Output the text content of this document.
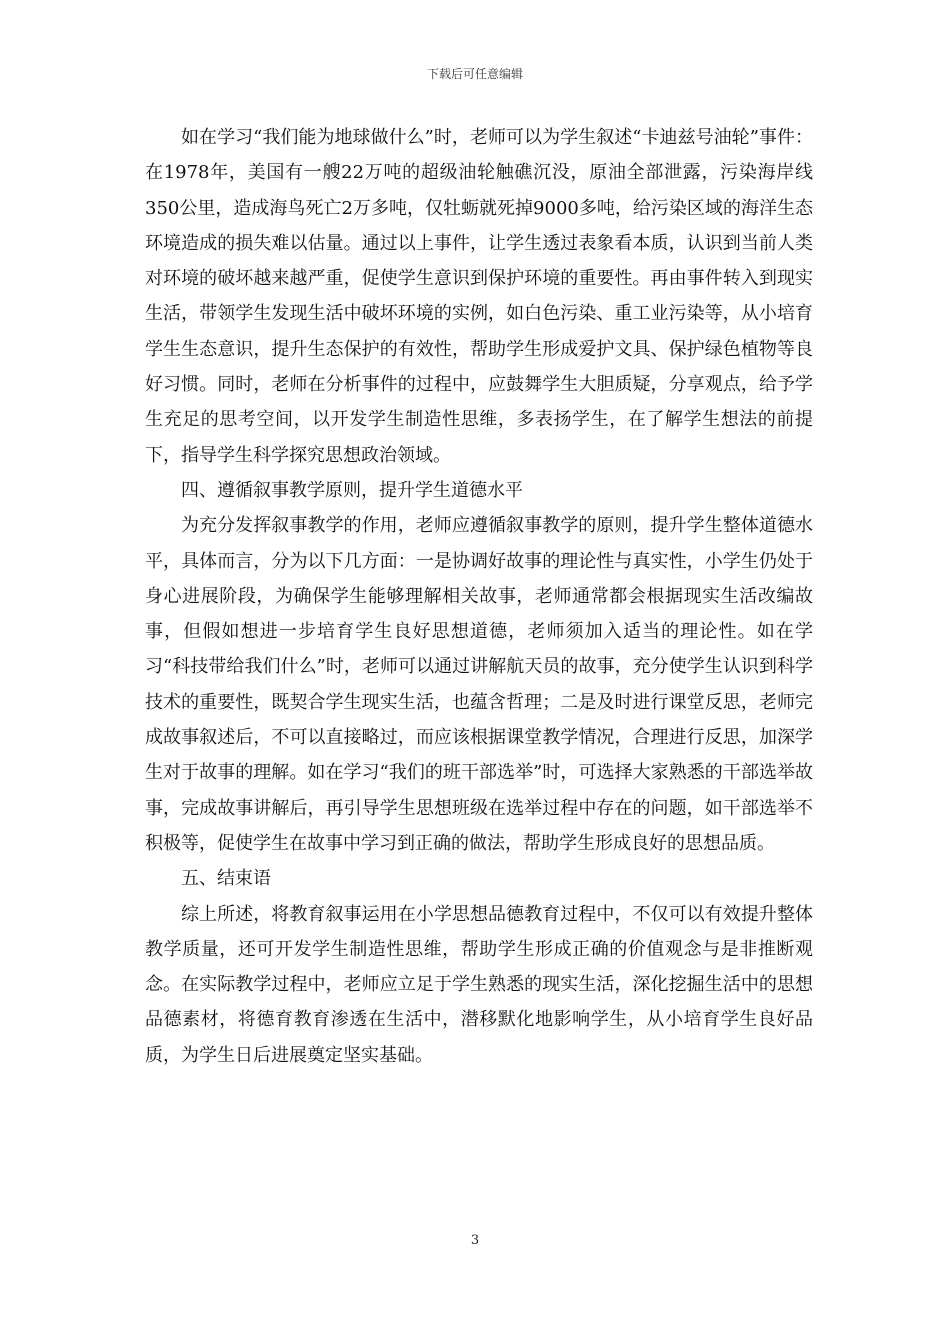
下载后可任意编辑

如在学习“我们能为地球做什么”时，老师可以为学生叙述“卡迪兹号油轮”事件：在1978年，美国有一艘22万吨的超级油轮触礁沉没，原油全部泄露，污染海岸线350公里，造成海鸟死亡2万多吨，仅牡蛎就死掉9000多吨，给污染区域的海洋生态环境造成的损失难以估量。通过以上事件，让学生透过表象看本质，认识到当前人类对环境的破坏越来越严重，促使学生意识到保护环境的重要性。再由事件转入到现实生活，带领学生发现生活中破坏环境的实例，如白色污染、重工业污染等，从小培育学生生态意识，提升生态保护的有效性，帮助学生形成爱护文具、保护绿色植物等良好习惯。同时，老师在分析事件的过程中，应鼓舞学生大胆质疑，分享观点，给予学生充足的思考空间，以开发学生制造性思维，多表扬学生，在了解学生想法的前提下，指导学生科学探究思想政治领域。

四、遵循叙事教学原则，提升学生道德水平

为充分发挥叙事教学的作用，老师应遵循叙事教学的原则，提升学生整体道德水平，具体而言，分为以下几方面：一是协调好故事的理论性与真实性，小学生仍处于身心进展阶段，为确保学生能够理解相关故事，老师通常都会根据现实生活改编故事，但假如想进一步培育学生良好思想道德，老师须加入适当的理论性。如在学习“科技带给我们什么”时，老师可以通过讲解航天员的故事，充分使学生认识到科学技术的重要性，既契合学生现实生活，也蕴含哲理；二是及时进行课堂反思，老师完成故事叙述后，不可以直接略过，而应该根据课堂教学情况，合理进行反思，加深学生对于故事的理解。如在学习“我们的班干部选举”时，可选择大家熟悉的干部选举故事，完成故事讲解后，再引导学生思想班级在选举过程中存在的问题，如干部选举不积极等，促使学生在故事中学习到正确的做法，帮助学生形成良好的思想品质。

五、结束语

综上所述，将教育叙事运用在小学思想品德教育过程中，不仅可以有效提升整体教学质量，还可开发学生制造性思维，帮助学生形成正确的价值观念与是非推断观念。在实际教学过程中，老师应立足于学生熟悉的现实生活，深化挖掘生活中的思想品德素材，将德育教育渗透在生活中，潜移默化地影响学生，从小培育学生良好品质，为学生日后进展奠定坚实基础。

3
